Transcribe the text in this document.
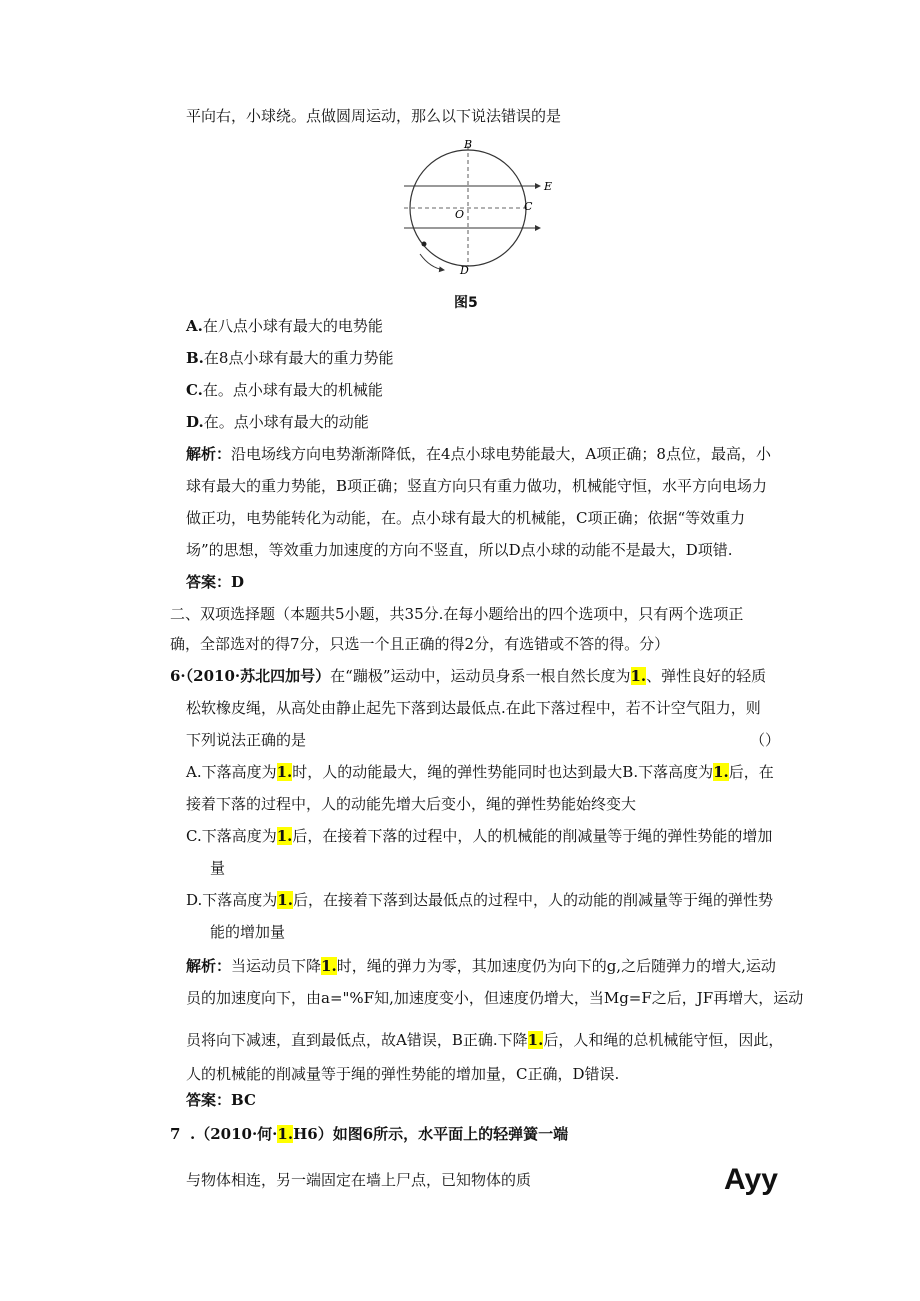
平向右，小球绕。点做圆周运动，那么以下说法错误的是
B
E
O
C
D
图5
A.在八点小球有最大的电势能
B.在8点小球有最大的重力势能
C.在。点小球有最大的机械能
D.在。点小球有最大的动能
解析：沿电场线方向电势渐渐降低，在4点小球电势能最大，A项正确；8点位，最高，小
球有最大的重力势能，B项正确；竖直方向只有重力做功，机械能守恒，水平方向电场力
做正功，电势能转化为动能，在。点小球有最大的机械能，C项正确；依据“等效重力
场”的思想，等效重力加速度的方向不竖直，所以D点小球的动能不是最大，D项错.
答案：D
二、双项选择题（本题共5小题，共35分.在每小题给出的四个选项中，只有两个选项正
确，全部选对的得7分，只选一个且正确的得2分，有选错或不答的得。分）
6·（2010·苏北四加号）在“蹦极”运动中，运动员身系一根自然长度为1.、弹性良好的轻质
松软橡皮绳，从高处由静止起先下落到达最低点.在此下落过程中，若不计空气阻力，则
下列说法正确的是	（）
A.下落高度为1.时，人的动能最大，绳的弹性势能同时也达到最大B.下落高度为1.后，在
接着下落的过程中，人的动能先增大后变小，绳的弹性势能始终变大
C.下落高度为1.后，在接着下落的过程中，人的机械能的削减量等于绳的弹性势能的增加
量
D.下落高度为1.后，在接着下落到达最低点的过程中，人的动能的削减量等于绳的弹性势
能的增加量
解析：当运动员下降1.时，绳的弹力为零，其加速度仍为向下的g,之后随弹力的增大,运动
员的加速度向下，由a="%F知,加速度变小，但速度仍增大，当Mg=F之后，JF再增大，运动
员将向下减速，直到最低点，故A错误，B正确.下降1.后，人和绳的总机械能守恒，因此，
人的机械能的削减量等于绳的弹性势能的增加量，C正确，D错误.
答案：BC
7 .（2010·何·1.H6）如图6所示，水平面上的轻弹簧一端
与物体相连，另一端固定在墙上尸点，已知物体的质	Ayy
